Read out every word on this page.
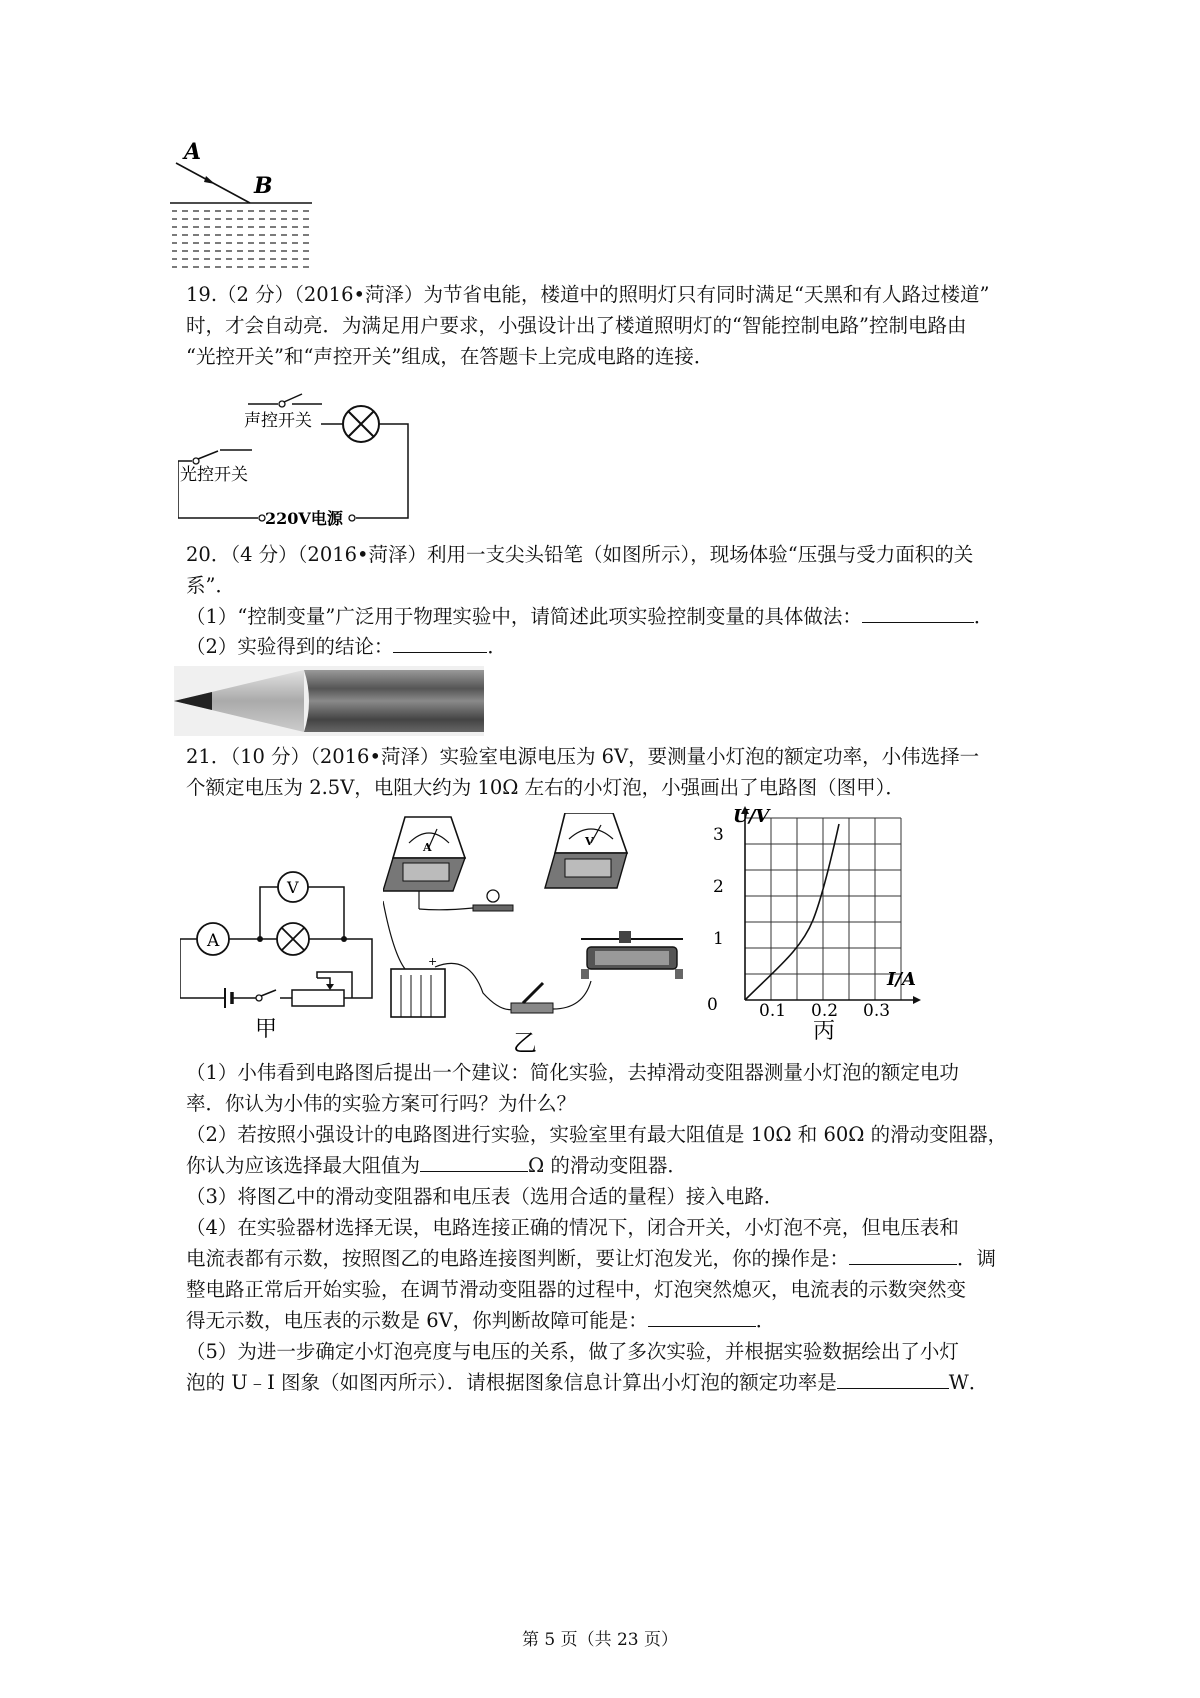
A
B
19.（2 分）（2016•菏泽）为节省电能，楼道中的照明灯只有同时满足“天黑和有人路过楼道”
时，才会自动亮．为满足用户要求，小强设计出了楼道照明灯的“智能控制电路”控制电路由
“光控开关”和“声控开关”组成，在答题卡上完成电路的连接．
声控开关
220V电源
光控开关
20．（4 分）（2016•菏泽）利用一支尖头铅笔（如图所示），现场体验“压强与受力面积的关
系”．
（1）“控制变量”广泛用于物理实验中，请简述此项实验控制变量的具体做法：	．
（2）实验得到的结论：	．
21．（10 分）（2016•菏泽）实验室电源电压为 6V，要测量小灯泡的额定功率，小伟选择一
个额定电压为 2.5V，电阻大约为 10Ω 左右的小灯泡，小强画出了电路图（图甲）．
A
V
甲
A	V
+
乙
U/V
I/A
0
1
2
3
0.1 0.2 0.3
丙
（1）小伟看到电路图后提出一个建议：简化实验，去掉滑动变阻器测量小灯泡的额定电功
率．你认为小伟的实验方案可行吗？为什么？
（2）若按照小强设计的电路图进行实验，实验室里有最大阻值是 10Ω 和 60Ω 的滑动变阻器，
你认为应该选择最大阻值为	Ω 的滑动变阻器．
（3）将图乙中的滑动变阻器和电压表（选用合适的量程）接入电路．
（4）在实验器材选择无误，电路连接正确的情况下，闭合开关，小灯泡不亮，但电压表和
电流表都有示数，按照图乙的电路连接图判断，要让灯泡发光，你的操作是：	．调
整电路正常后开始实验，在调节滑动变阻器的过程中，灯泡突然熄灭，电流表的示数突然变
得无示数，电压表的示数是 6V，你判断故障可能是：	．
（5）为进一步确定小灯泡亮度与电压的关系，做了多次实验，并根据实验数据绘出了小灯
泡的 U﹣I 图象（如图丙所示）．请根据图象信息计算出小灯泡的额定功率是	W．
第 5 页（共 23 页）
